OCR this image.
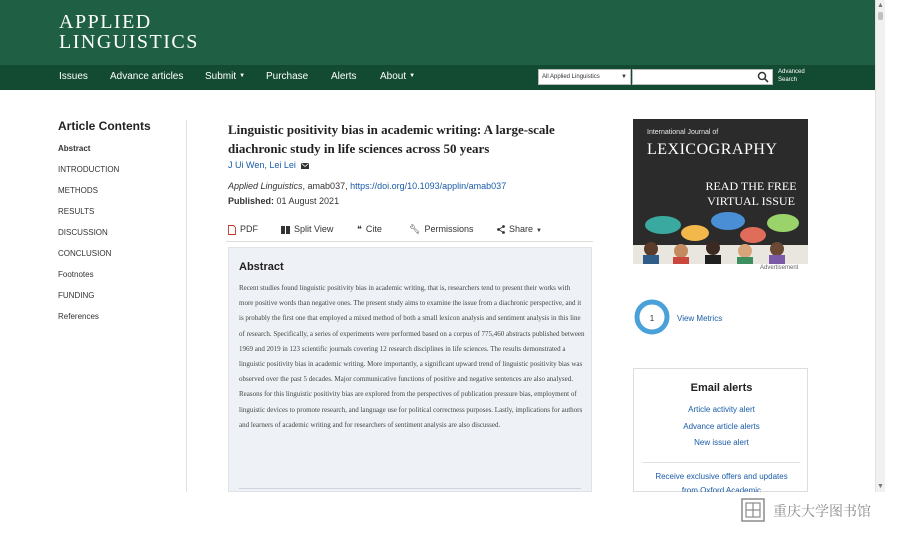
APPLIED
LINGUISTICS
Issues Advance articles Submit ▼ Purchase Alerts About ▼	All Applied Linguistics	▼
Advanced
Search
Article Contents
Abstract
INTRODUCTION
METHODS
RESULTS
DISCUSSION
CONCLUSION
Footnotes
FUNDING
References
Linguistic positivity bias in academic writing: A large-scale diachronic study in life sciences across 50 years
J Ui Wen, Lei Lei
Applied Linguistics, amab037, https://doi.org/10.1093/applin/amab037
Published: 01 August 2021
PDF	Split View	❝ Cite	🔧︎ Permissions	Share ▼
Abstract
Recent studies found linguistic positivity bias in academic writing, that is, researchers tend to present their works with more positive words than negative ones. The present study aims to examine the issue from a diachronic perspective, and it is probably the first one that employed a mixed method of both a small lexicon analysis and sentiment analysis in this line of research. Specifically, a series of experiments were performed based on a corpus of 775,460 abstracts published between 1969 and 2019 in 123 scientific journals covering 12 research disciplines in life sciences. The results demonstrated a linguistic positivity bias in academic writing. More importantly, a significant upward trend of linguistic positivity bias was observed over the past 5 decades. Major communicative functions of positive and negative sentences are also analysed. Reasons for this linguistic positivity bias are explored from the perspectives of publication pressure bias, employment of linguistic devices to promote research, and language use for political correctness purposes. Lastly, implications for authors and learners of academic writing and for researchers of sentiment analysis are also discussed.
International Journal of
LEXICOGRAPHY
READ THE FREE
VIRTUAL ISSUE
Advertisement
1	View Metrics
Email alerts
Article activity alert
Advance article alerts
New issue alert
Receive exclusive offers and updates
from Oxford Academic
▲
▼
重庆大学图书馆
